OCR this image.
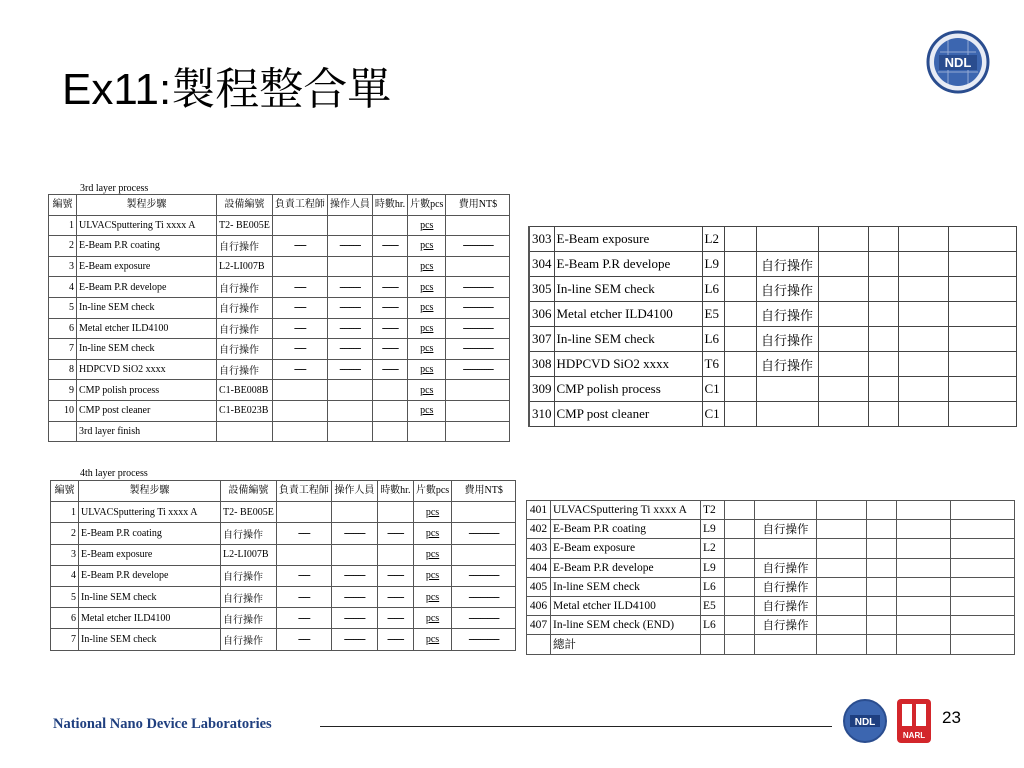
Ex11:製程整合單
NDL
3rd layer process
編號	製程步驟	設備編號	負責工程師	操作人員	時數hr.	片數pcs	費用NT$
1	ULVACSputtering Ti xxxx A	T2- BE005E				pcs	
2	E-Beam P.R coating	自行操作	-----	---------	-------	pcs	-------------
3	E-Beam exposure	L2-LI007B				pcs	
4	E-Beam P.R develope	自行操作	-----	---------	-------	pcs	-------------
5	In-line SEM check	自行操作	-----	---------	-------	pcs	-------------
6	Metal etcher ILD4100	自行操作	-----	---------	-------	pcs	-------------
7	In-line SEM check	自行操作	-----	---------	-------	pcs	-------------
8	HDPCVD SiO2 xxxx	自行操作	-----	---------	-------	pcs	-------------
9	CMP polish process	C1-BE008B				pcs	
10	CMP post cleaner	C1-BE023B				pcs	
	3rd layer finish						
4th layer process
編號	製程步驟	設備編號	負責工程師	操作人員	時數hr.	片數pcs	費用NT$
1	ULVACSputtering Ti xxxx A	T2- BE005E				pcs	
2	E-Beam P.R coating	自行操作	-----	---------	-------	pcs	-------------
3	E-Beam exposure	L2-LI007B				pcs	
4	E-Beam P.R develope	自行操作	-----	---------	-------	pcs	-------------
5	In-line SEM check	自行操作	-----	---------	-------	pcs	-------------
6	Metal etcher ILD4100	自行操作	-----	---------	-------	pcs	-------------
7	In-line SEM check	自行操作	-----	---------	-------	pcs	-------------
303	E-Beam exposure	L2						
304	E-Beam P.R develope	L9		自行操作				
305	In-line SEM check	L6		自行操作				
306	Metal etcher ILD4100	E5		自行操作				
307	In-line SEM check	L6		自行操作				
308	HDPCVD SiO2 xxxx	T6		自行操作				
309	CMP polish process	C1						
310	CMP post cleaner	C1						
401	ULVACSputtering Ti xxxx A	T2						
402	E-Beam P.R coating	L9		自行操作				
403	E-Beam exposure	L2						
404	E-Beam P.R develope	L9		自行操作				
405	In-line SEM check	L6		自行操作				
406	Metal etcher ILD4100	E5		自行操作				
407	In-line SEM check (END)	L6		自行操作				
	總計							
National Nano Device Laboratories	NDL
NARL
23
